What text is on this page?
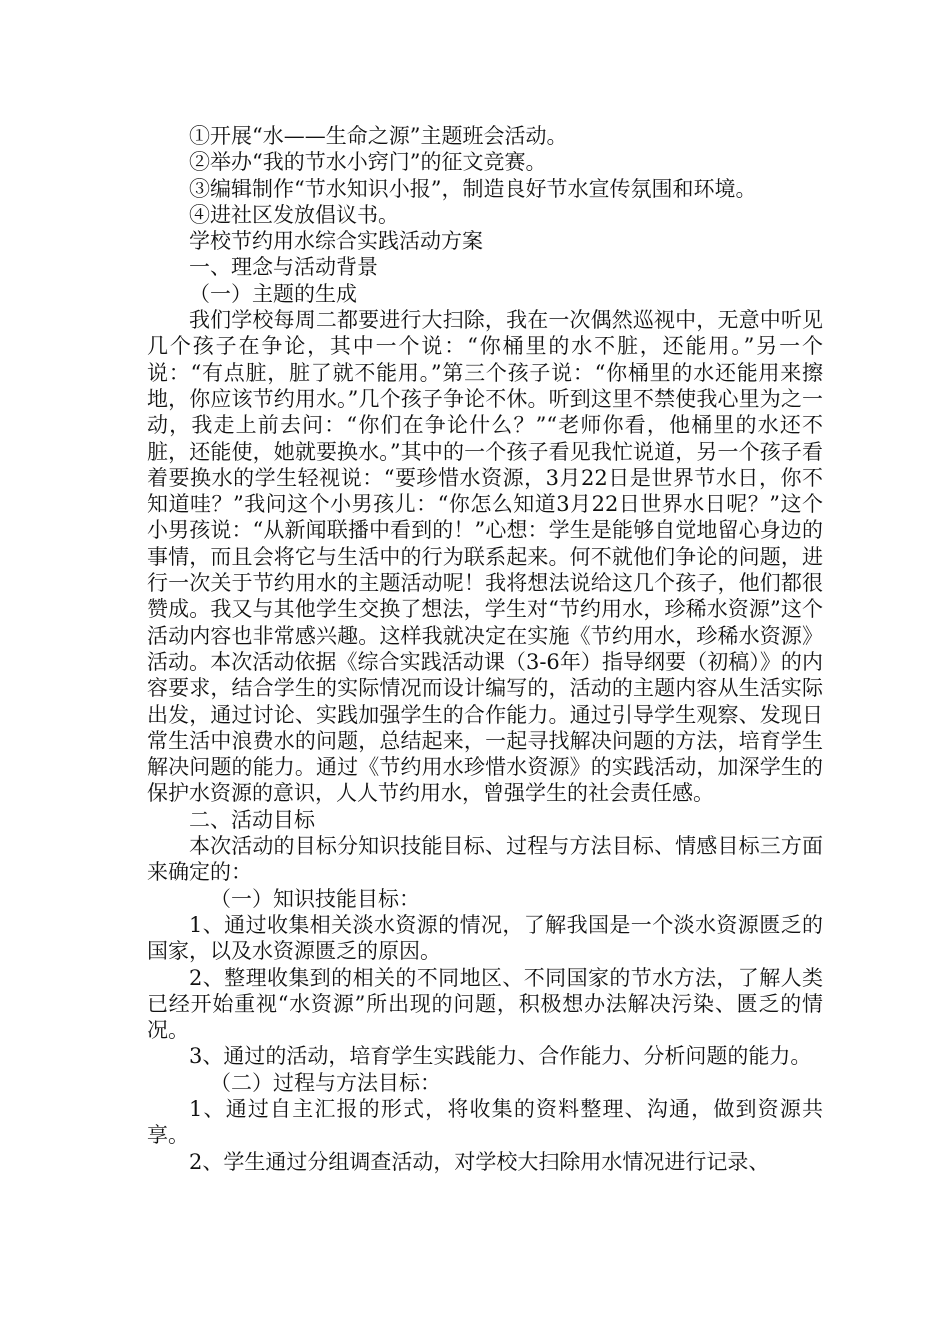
①开展“水——生命之源”主题班会活动。

②举办“我的节水小窍门”的征文竞赛。

③编辑制作“节水知识小报”，制造良好节水宣传氛围和环境。

④进社区发放倡议书。

学校节约用水综合实践活动方案

一、理念与活动背景

（一）主题的生成

我们学校每周二都要进行大扫除，我在一次偶然巡视中，无意中听见几个孩子在争论，其中一个说：“你桶里的水不脏，还能用。”另一个说：“有点脏，脏了就不能用。”第三个孩子说：“你桶里的水还能用来擦地，你应该节约用水。”几个孩子争论不休。听到这里不禁使我心里为之一动，我走上前去问：“你们在争论什么？”“老师你看，他桶里的水还不脏，还能使，她就要换水。”其中的一个孩子看见我忙说道，另一个孩子看着要换水的学生轻视说：“要珍惜水资源，3月22日是世界节水日，你不知道哇？”我问这个小男孩儿：“你怎么知道3月22日世界水日呢？”这个小男孩说：“从新闻联播中看到的！”心想：学生是能够自觉地留心身边的事情，而且会将它与生活中的行为联系起来。何不就他们争论的问题，进行一次关于节约用水的主题活动呢！我将想法说给这几个孩子，他们都很赞成。我又与其他学生交换了想法，学生对“节约用水，珍稀水资源”这个活动内容也非常感兴趣。这样我就决定在实施《节约用水，珍稀水资源》活动。本次活动依据《综合实践活动课（3-6年）指导纲要（初稿）》的内容要求，结合学生的实际情况而设计编写的，活动的主题内容从生活实际出发，通过讨论、实践加强学生的合作能力。通过引导学生观察、发现日常生活中浪费水的问题，总结起来，一起寻找解决问题的方法，培育学生解决问题的能力。通过《节约用水珍惜水资源》的实践活动，加深学生的保护水资源的意识，人人节约用水，曾强学生的社会责任感。

二、活动目标

本次活动的目标分知识技能目标、过程与方法目标、情感目标三方面来确定的：

（一）知识技能目标：

1、通过收集相关淡水资源的情况，了解我国是一个淡水资源匮乏的国家，以及水资源匮乏的原因。

2、整理收集到的相关的不同地区、不同国家的节水方法，了解人类已经开始重视“水资源”所出现的问题，积极想办法解决污染、匮乏的情况。

3、通过的活动，培育学生实践能力、合作能力、分析问题的能力。

（二）过程与方法目标：

1、通过自主汇报的形式，将收集的资料整理、沟通，做到资源共享。

2、学生通过分组调查活动，对学校大扫除用水情况进行记录、
